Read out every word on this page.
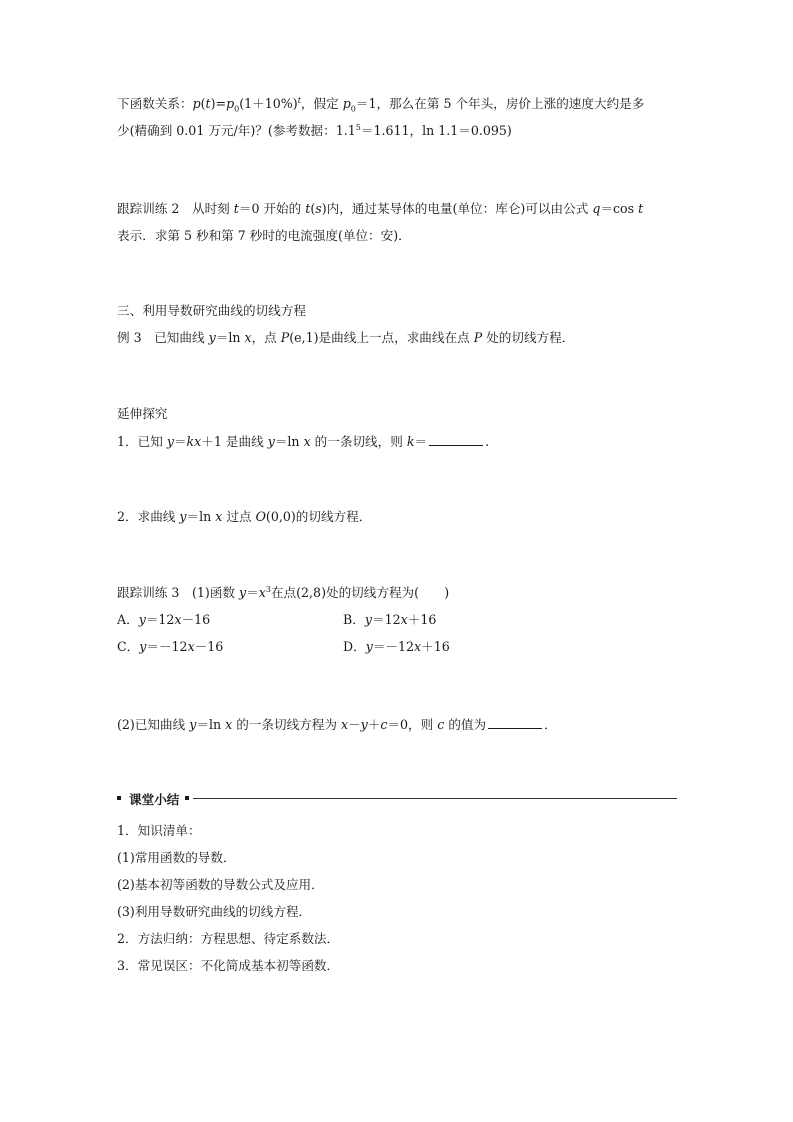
下函数关系：$p(t)=p_0(1+10\%)^t$，假定 $p_0=1$，那么在第 5 个年头，房价上涨的速度大约是多
少(精确到 0.01 万元/年)？(参考数据：$1.1^5=1.611$，ln 1.1＝0.095)
跟踪训练 2　从时刻 t＝0 开始的 t(s)内，通过某导体的电量(单位：库仑)可以由公式 q＝cos t
表示．求第 5 秒和第 7 秒时的电流强度(单位：安)．
三、利用导数研究曲线的切线方程
例 3　已知曲线 y＝ln x，点 P(e,1)是曲线上一点，求曲线在点 P 处的切线方程．
延伸探究
1．已知 y＝kx＋1 是曲线 y＝ln x 的一条切线，则 k＝	.
2．求曲线 y＝ln x 过点 O(0,0)的切线方程．
跟踪训练 3　(1)函数 $y=x^3$在点(2,8)处的切线方程为(　　)
A．y＝12x－16	B．y＝12x＋16
C．y＝－12x－16	D．y＝－12x＋16
(2)已知曲线 y＝ln x 的一条切线方程为 x－y＋c＝0，则 c 的值为	．
课堂小结
1．知识清单：
(1)常用函数的导数．
(2)基本初等函数的导数公式及应用．
(3)利用导数研究曲线的切线方程．
2．方法归纳：方程思想、待定系数法．
3．常见误区：不化简成基本初等函数．
